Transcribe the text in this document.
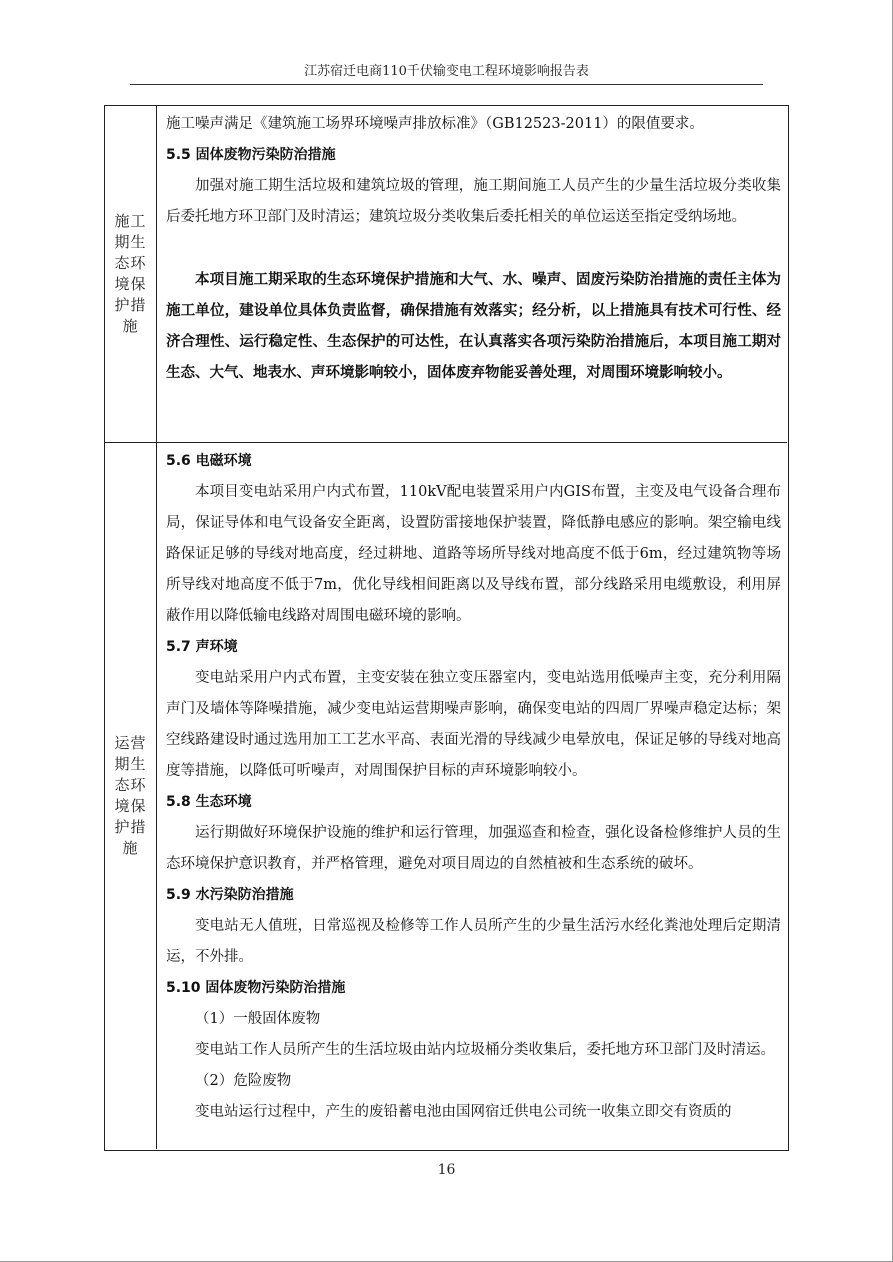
江苏宿迁电商110千伏输变电工程环境影响报告表
施工期生态环境保护措施
施工噪声满足《建筑施工场界环境噪声排放标准》（GB12523-2011）的限值要求。
5.5 固体废物污染防治措施
加强对施工期生活垃圾和建筑垃圾的管理，施工期间施工人员产生的少量生活垃圾分类收集后委托地方环卫部门及时清运；建筑垃圾分类收集后委托相关的单位运送至指定受纳场地。
本项目施工期采取的生态环境保护措施和大气、水、噪声、固废污染防治措施的责任主体为施工单位，建设单位具体负责监督，确保措施有效落实；经分析，以上措施具有技术可行性、经济合理性、运行稳定性、生态保护的可达性，在认真落实各项污染防治措施后，本项目施工期对生态、大气、地表水、声环境影响较小，固体废弃物能妥善处理，对周围环境影响较小。
运营期生态环境保护措施
5.6 电磁环境
本项目变电站采用户内式布置，110kV配电装置采用户内GIS布置，主变及电气设备合理布局，保证导体和电气设备安全距离，设置防雷接地保护装置，降低静电感应的影响。架空输电线路保证足够的导线对地高度，经过耕地、道路等场所导线对地高度不低于6m，经过建筑物等场所导线对地高度不低于7m，优化导线相间距离以及导线布置，部分线路采用电缆敷设，利用屏蔽作用以降低输电线路对周围电磁环境的影响。
5.7 声环境
变电站采用户内式布置，主变安装在独立变压器室内，变电站选用低噪声主变，充分利用隔声门及墙体等降噪措施，减少变电站运营期噪声影响，确保变电站的四周厂界噪声稳定达标；架空线路建设时通过选用加工工艺水平高、表面光滑的导线减少电晕放电，保证足够的导线对地高度等措施，以降低可听噪声，对周围保护目标的声环境影响较小。
5.8 生态环境
运行期做好环境保护设施的维护和运行管理，加强巡查和检查，强化设备检修维护人员的生态环境保护意识教育，并严格管理，避免对项目周边的自然植被和生态系统的破坏。
5.9 水污染防治措施
变电站无人值班，日常巡视及检修等工作人员所产生的少量生活污水经化粪池处理后定期清运，不外排。
5.10 固体废物污染防治措施
（1）一般固体废物
变电站工作人员所产生的生活垃圾由站内垃圾桶分类收集后，委托地方环卫部门及时清运。
（2）危险废物
变电站运行过程中，产生的废铅蓄电池由国网宿迁供电公司统一收集立即交有资质的
16
